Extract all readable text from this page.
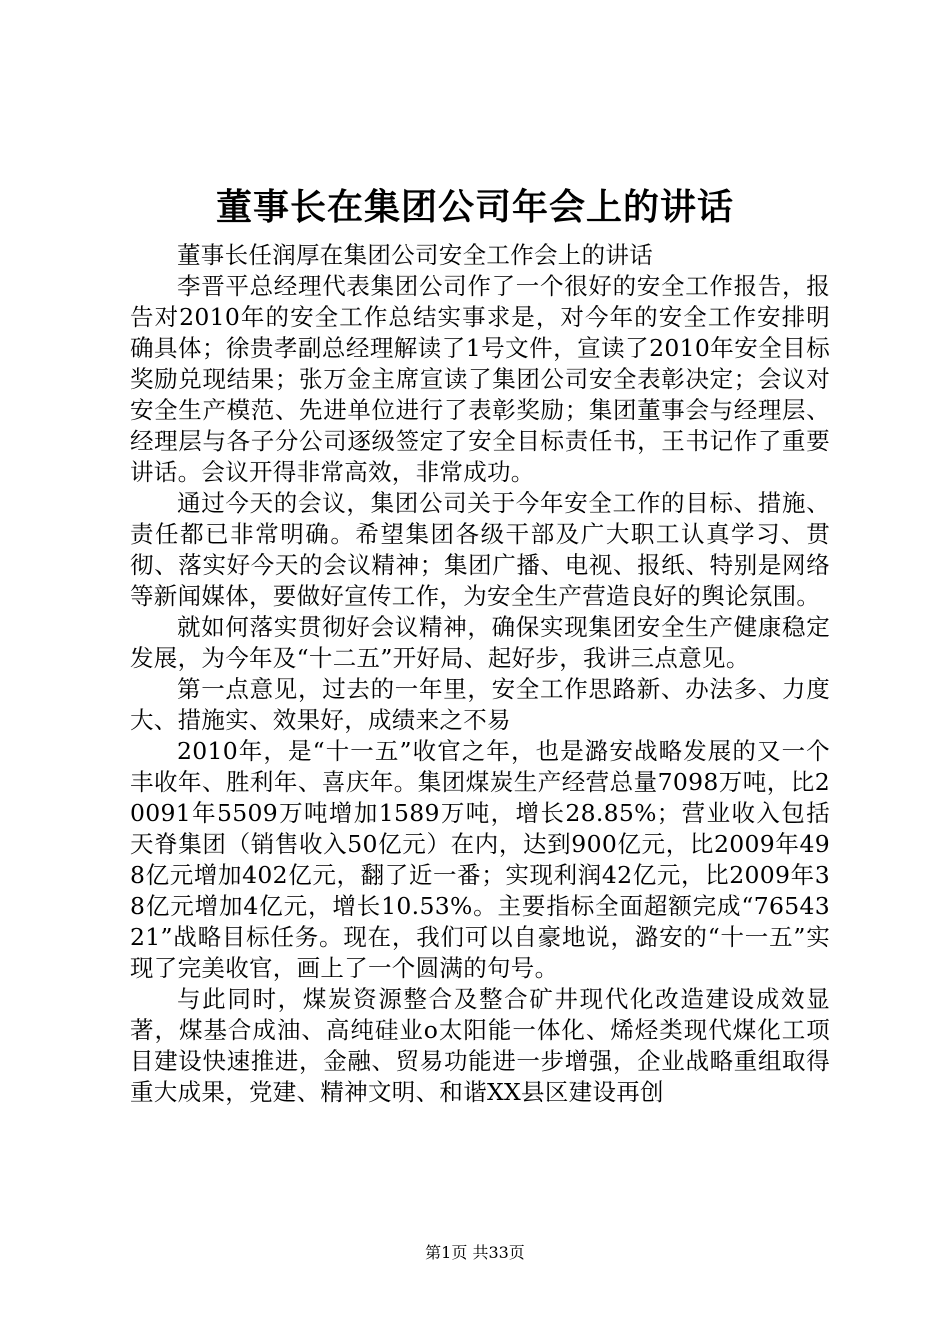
董事长在集团公司年会上的讲话

董事长任润厚在集团公司安全工作会上的讲话

李晋平总经理代表集团公司作了一个很好的安全工作报告，报告对2010年的安全工作总结实事求是，对今年的安全工作安排明确具体；徐贵孝副总经理解读了1号文件，宣读了2010年安全目标奖励兑现结果；张万金主席宣读了集团公司安全表彰决定；会议对安全生产模范、先进单位进行了表彰奖励；集团董事会与经理层、经理层与各子分公司逐级签定了安全目标责任书，王书记作了重要讲话。会议开得非常高效，非常成功。

通过今天的会议，集团公司关于今年安全工作的目标、措施、责任都已非常明确。希望集团各级干部及广大职工认真学习、贯彻、落实好今天的会议精神；集团广播、电视、报纸、特别是网络等新闻媒体，要做好宣传工作，为安全生产营造良好的舆论氛围。

就如何落实贯彻好会议精神，确保实现集团安全生产健康稳定发展，为今年及“十二五”开好局、起好步，我讲三点意见。

第一点意见，过去的一年里，安全工作思路新、办法多、力度大、措施实、效果好，成绩来之不易

2010年，是“十一五”收官之年，也是潞安战略发展的又一个丰收年、胜利年、喜庆年。集团煤炭生产经营总量7098万吨，比20091年5509万吨增加1589万吨，增长28.85%；营业收入包括天脊集团（销售收入50亿元）在内，达到900亿元，比2009年498亿元增加402亿元，翻了近一番；实现利润42亿元，比2009年38亿元增加4亿元，增长10.53%。主要指标全面超额完成“7654321”战略目标任务。现在，我们可以自豪地说，潞安的“十一五”实现了完美收官，画上了一个圆满的句号。

与此同时，煤炭资源整合及整合矿井现代化改造建设成效显著，煤基合成油、高纯硅业o太阳能一体化、烯烃类现代煤化工项目建设快速推进，金融、贸易功能进一步增强，企业战略重组取得重大成果，党建、精神文明、和谐XX县区建设再创

第1页 共33页
